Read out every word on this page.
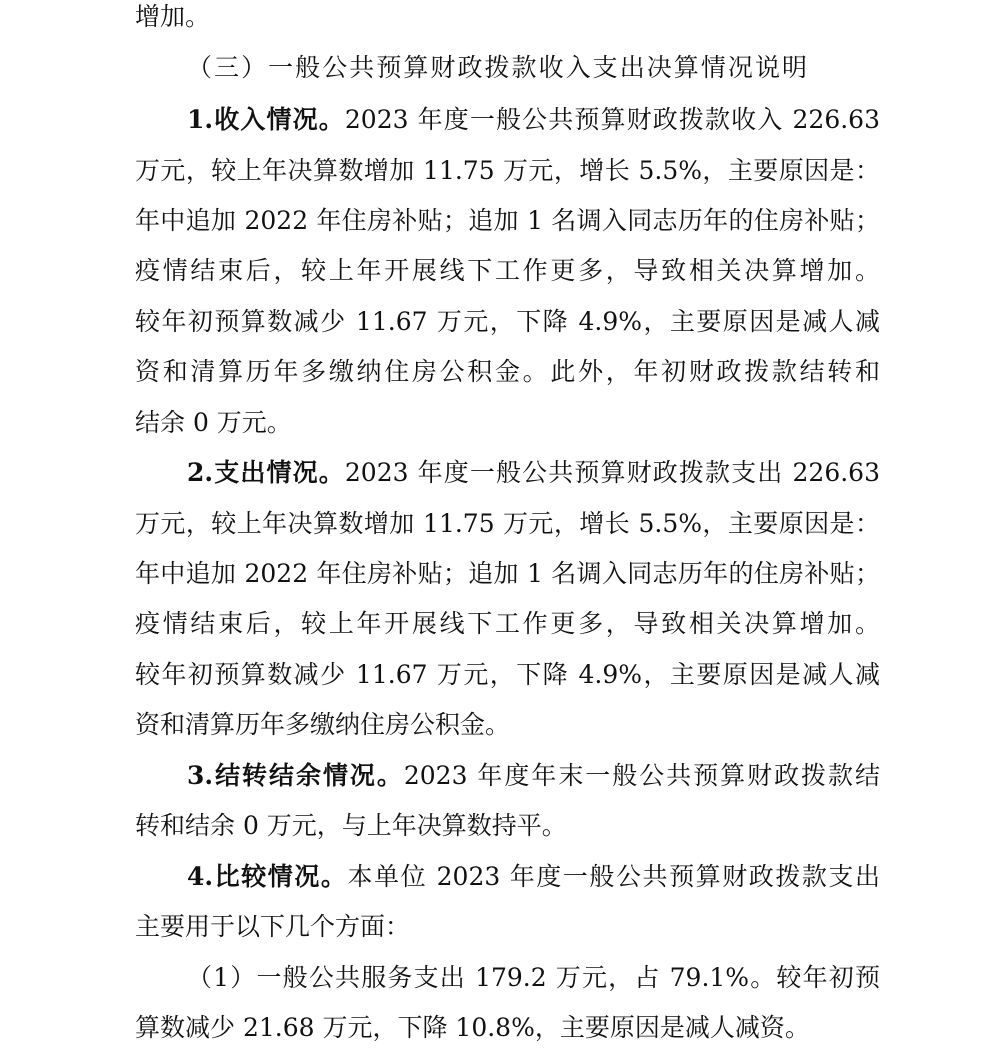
增加。
（三）一般公共预算财政拨款收入支出决算情况说明
1.收入情况。2023 年度一般公共预算财政拨款收入 226.63
万元，较上年决算数增加 11.75 万元，增长 5.5%，主要原因是：
年中追加 2022 年住房补贴；追加 1 名调入同志历年的住房补贴；
疫情结束后，较上年开展线下工作更多，导致相关决算增加。
较年初预算数减少 11.67 万元，下降 4.9%，主要原因是减人减
资和清算历年多缴纳住房公积金。此外，年初财政拨款结转和
结余 0 万元。
2.支出情况。2023 年度一般公共预算财政拨款支出 226.63
万元，较上年决算数增加 11.75 万元，增长 5.5%，主要原因是：
年中追加 2022 年住房补贴；追加 1 名调入同志历年的住房补贴；
疫情结束后，较上年开展线下工作更多，导致相关决算增加。
较年初预算数减少 11.67 万元，下降 4.9%，主要原因是减人减
资和清算历年多缴纳住房公积金。
3.结转结余情况。2023 年度年末一般公共预算财政拨款结
转和结余 0 万元，与上年决算数持平。
4.比较情况。本单位 2023 年度一般公共预算财政拨款支出
主要用于以下几个方面：
（1）一般公共服务支出 179.2 万元，占 79.1%。较年初预
算数减少 21.68 万元，下降 10.8%，主要原因是减人减资。
